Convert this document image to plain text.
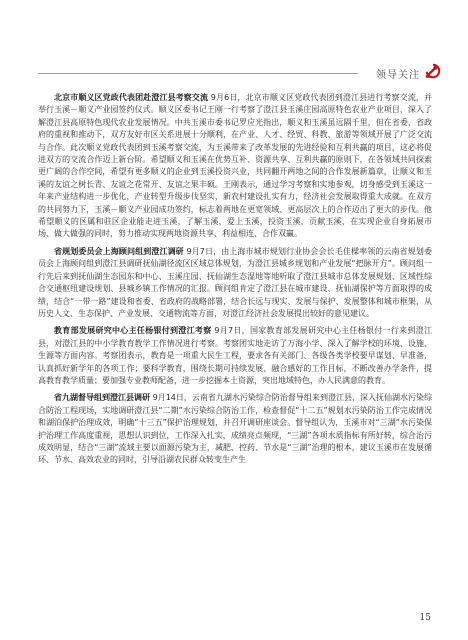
领导关注

北京市顺义区党政代表团赴澄江县考察交流 9月6日，北京市顺义区党政代表团到澄江县进行考察交流，并举行玉溪－顺义产业园签约仪式。顺义区委书记王刚一行考察了澄江县玉溪庄园高原特色农业产业项目，深入了解澄江县高原特色现代农业发展情况。中共玉溪市委书记罗应光指出，顺义和玉溪虽远隔千里，但在省委、省政府的重视和推动下，双方友好市区关系进展十分顺利，在产业、人才、经贸、科教、旅游等领域开展了广泛交流与合作。此次顺义党政代表团到玉溪考察交流，为玉溪带来了改革发展的先进经验和互利共赢的项目，这必将促进双方的交流合作迈上新台阶。希望顺义和玉溪在优势互补、资源共享、互利共赢的原则下，在各领域共同探索更广阔的合作空间，希望有更多顺义的企业到玉溪投资兴业，共同翻开两地之间的合作发展新篇章，让顺义和玉溪的友谊之树长青、友谊之花常开、友谊之果丰硕。王刚表示，通过学习考察和实地参观，切身感受到玉溪这一年来产业结构进一步优化，产业转型升级步伐坚实，新农村建设扎实有力，经济社会发展取得重大成就。在双方的共同努力下，玉溪－顺义产业园成功签约，标志着两地在更宽领域、更高层次上的合作迈出了更大的步伐。他希望顺义的区属和驻区企业能走进玉溪，了解玉溪，爱上玉溪，投资玉溪，贡献玉溪，在实现企业自身拓展市场、做大做强的同时，努力推动实现两地资源共享、利益相连、合作双赢。

省规划委员会上海顾问组到澄江调研 9月7日，由上海市城市规划行业协会会长毛佳樑率领的云南省规划委员会上海顾问组到澄江县调研抚仙湖径流区区域总体规划，为澄江县城乡规划和产业发展“把脉开方”。顾问组一行先后来到抚仙湖生态园东和中心、玉溪庄园、抚仙湖生态湿地等地听取了澄江县城市总体发展规划、区域性综合交通枢纽建设规划、县城乡镇工作情况的汇报。顾问组肯定了澄江县在城市建设、抚仙湖保护等方面取得的成绩，结合“一带一路”建设和省委、省政府的战略部署，结合长远与现实、发展与保护、发展整体和城市框架，从历史人文、生态保护、产业发展、交通物流等方面，对澄江经济社会发展提出较好的意见建议。

教育部发展研究中心主任杨银付到澄江考察 9月7日，国家教育部发展研究中心主任杨银付一行来到澄江县，对澄江县的中小学教育教学工作情况进行考察。考察团实地走访了万海小学、深入了解学校的环境、设施、生源等方面内容。考察团表示，教育是一项重大民生工程，要求各有关部门、各级各类学校要早谋划、早准备，认真抓好新学年的各项工作；要科学教育，围绕长期可持续发展、融合感好的工作目标，不断改善办学条件，提高教育教学质量；要加强专业教师配备，进一步挖掘本土资源，突出地域特色，办人民满意的教育。

省九湖督导组到澄江县调研 9月14日，云南省九湖水污染综合防治督导组来到澄江县，深入抚仙湖水污染综合防治工程现场，实地调研澄江县“二期”水污染综合防治工作，检查督促“十二五”规划水污染防治工作完成情况和湖泊保护治理成效，明确“十三五”保护治理规划，并召开调研座谈会。督导组认为，玉溪市对“三湖”水污染保护治理工作高度重视，思想认识到位，工作深入扎实，成绩亮点频现，“三湖”各项水质指标有所好转，综合治污成效明显，结合“三湖”流域主要以面源污染为主，减肥、控药、节水是“三湖”治理的根本，建议玉溪市在发展循环、节水、高效农业的同时，引导沿湖农民群众转变生产生

15
